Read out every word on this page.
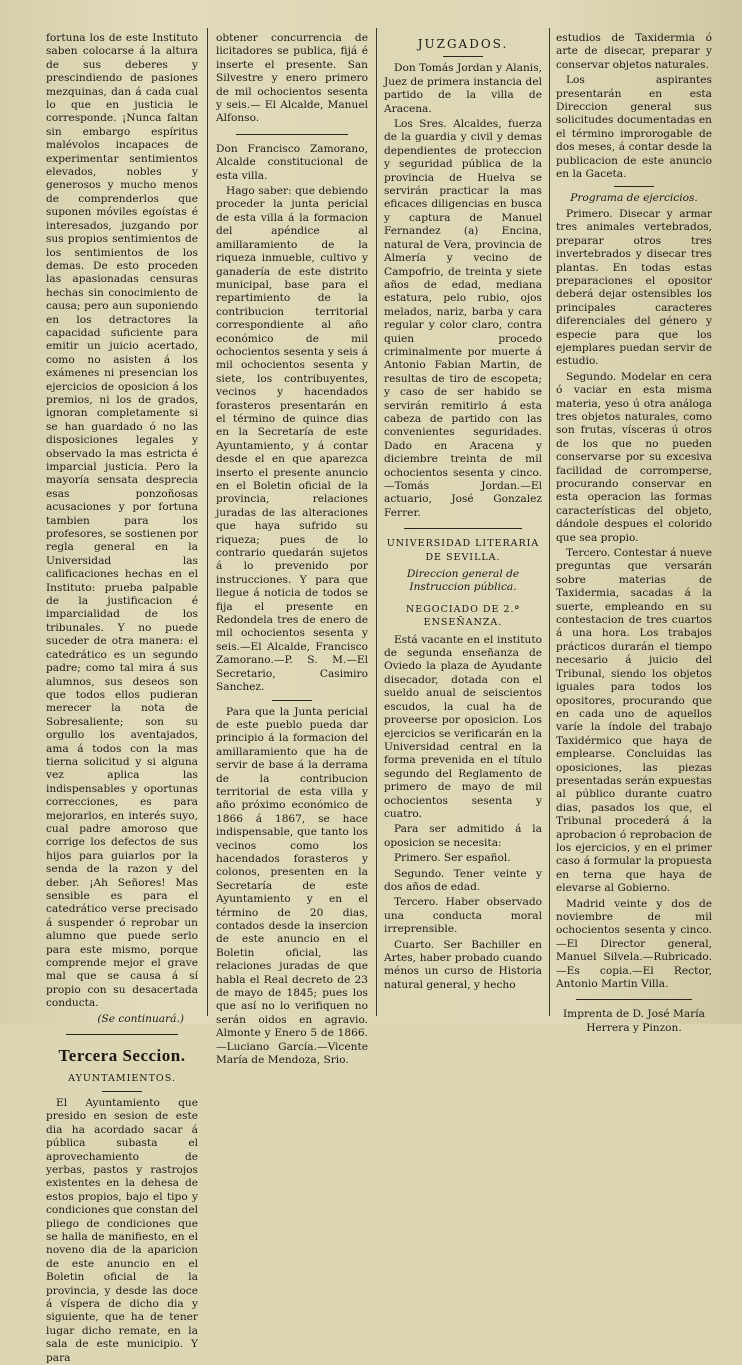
fortuna los de este Instituto saben colocarse á la altura de sus deberes y prescindiendo de pasiones mezquinas, dan á cada cual lo que en justicia le corresponde. ¡Nunca faltan sin embargo espíritus malévolos incapaces de experimentar sentimientos elevados, nobles y generosos y mucho menos de comprenderlos que suponen móviles egoístas é interesados, juzgando por sus propios sentimientos de los sentimientos de los demas. De esto proceden las apasionadas censuras hechas sin conocimiento de causa; pero aun suponiendo en los detractores la capacidad suficiente para emitir un juicio acertado, como no asisten á los exámenes ni presencian los ejercicios de oposicion á los premios, ni los de grados, ignoran completamente si se han guardado ó no las disposiciones legales y observado la mas estricta é imparcial justicia. Pero la mayoría sensata desprecia esas ponzoñosas acusaciones y por fortuna tambien para los profesores, se sostienen por regla general en la Universidad las calificaciones hechas en el Instituto: prueba palpable de la justificacion é imparcialidad de los tribunales. Y no puede suceder de otra manera: el catedrático es un segundo padre; como tal mira á sus alumnos, sus deseos son que todos ellos pudieran merecer la nota de Sobresaliente; son su orgullo los aventajados, ama á todos con la mas tierna solicitud y si alguna vez aplica las indispensables y oportunas correcciones, es para mejorarlos, en interés suyo, cual padre amoroso que corrige los defectos de sus hijos para guiarlos por la senda de la razon y del deber. ¡Ah Señores! Mas sensible es para el catedrático verse precisado á suspender ó reprobar un alumno que puede serlo para este mismo, porque comprende mejor el grave mal que se causa á sí propio con su desacertada conducta.

(Se continuará.)

Tercera Seccion.
AYUNTAMIENTOS.

El Ayuntamiento que presido en sesion de este dia ha acordado sacar á pública subasta el aprovechamiento de yerbas, pastos y rastrojos existentes en la dehesa de estos propios, bajo el tipo y condiciones que constan del pliego de condiciones que se halla de manifiesto, en el noveno dia de la aparicion de este anuncio en el Boletin oficial de la provincia, y desde las doce á víspera de dicho dia y siguiente, que ha de tener lugar dicho remate, en la sala de este municipio. Y para

obtener concurrencia de licitadores se publica, fijá é inserte el presente. San Silvestre y enero primero de mil ochocientos sesenta y seis.— El Alcalde, Manuel Alfonso.

Don Francisco Zamorano, Alcalde constitucional de esta villa.

Hago saber: que debiendo proceder la junta pericial de esta villa á la formacion del apéndice al amillaramiento de la riqueza inmueble, cultivo y ganadería de este distrito municipal, base para el repartimiento de la contribucion territorial correspondiente al año económico de mil ochocientos sesenta y seis á mil ochocientos sesenta y siete, los contribuyentes, vecinos y hacendados forasteros presentarán en el término de quince dias en la Secretaría de este Ayuntamiento, y á contar desde el en que aparezca inserto el presente anuncio en el Boletin oficial de la provincia, relaciones juradas de las alteraciones que haya sufrido su riqueza; pues de lo contrario quedarán sujetos á lo prevenido por instrucciones. Y para que llegue á noticia de todos se fija el presente en Redondela tres de enero de mil ochocientos sesenta y seis.—El Alcalde, Francisco Zamorano.—P. S. M.—El Secretario, Casimiro Sanchez.

Para que la Junta pericial de este pueblo pueda dar principio á la formacion del amillaramiento que ha de servir de base á la derrama de la contribucion territorial de esta villa y año próximo económico de 1866 á 1867, se hace indispensable, que tanto los vecinos como los hacendados forasteros y colonos, presenten en la Secretaría de este Ayuntamiento y en el término de 20 dias, contados desde la insercion de este anuncio en el Boletin oficial, las relaciones juradas de que habla el Real decreto de 23 de mayo de 1845; pues los que así no lo verifiquen no serán oidos en agravio. Almonte y Enero 5 de 1866.—Luciano García.—Vicente María de Mendoza, Srio.

JUZGADOS.

Don Tomás Jordan y Alanis, Juez de primera instancia del partido de la villa de Aracena.

Los Sres. Alcaldes, fuerza de la guardia y civil y demas dependientes de proteccion y seguridad pública de la provincia de Huelva se servirán practicar la mas eficaces diligencias en busca y captura de Manuel Fernandez (a) Encina, natural de Vera, provincia de Almería y vecino de Campofrio, de treinta y siete años de edad, mediana estatura, pelo rubio, ojos melados, nariz, barba y cara regular y color claro, contra quien procedo criminalmente por muerte á Antonio Fabian Martin, de resultas de tiro de escopeta; y caso de ser habido se servirán remitirlo á esta cabeza de partido con las convenientes seguridades. Dado en Aracena y diciembre treinta de mil ochocientos sesenta y cinco.—Tomás Jordan.—El actuario, José Gonzalez Ferrer.

UNIVERSIDAD LITERARIA DE SEVILLA.

Direccion general de Instruccion pública.

NEGOCIADO DE 2.ª ENSEÑANZA.

Está vacante en el instituto de segunda enseñanza de Oviedo la plaza de Ayudante disecador, dotada con el sueldo anual de seiscientos escudos, la cual ha de proveerse por oposicion. Los ejercicios se verificarán en la Universidad central en la forma prevenida en el título segundo del Reglamento de primero de mayo de mil ochocientos sesenta y cuatro.

Para ser admitido á la oposicion se necesita:

Primero. Ser español.

Segundo. Tener veinte y dos años de edad.

Tercero. Haber observado una conducta moral irreprensible.

Cuarto. Ser Bachiller en Artes, haber probado cuando ménos un curso de Historia natural general, y hecho

estudios de Taxidermia ó arte de disecar, preparar y conservar objetos naturales.

Los aspirantes presentarán en esta Direccion general sus solicitudes documentadas en el término improrogable de dos meses, á contar desde la publicacion de este anuncio en la Gaceta.

Programa de ejercicios.

Primero. Disecar y armar tres animales vertebrados, preparar otros tres invertebrados y disecar tres plantas. En todas estas preparaciones el opositor deberá dejar ostensibles los principales caracteres diferenciales del género y especie para que los ejemplares puedan servir de estudio.

Segundo. Modelar en cera ó vaciar en esta misma materia, yeso ú otra análoga tres objetos naturales, como son frutas, vísceras ú otros de los que no pueden conservarse por su excesiva facilidad de corromperse, procurando conservar en esta operacion las formas características del objeto, dándole despues el colorido que sea propio.

Tercero. Contestar á nueve preguntas que versarán sobre materias de Taxidermia, sacadas á la suerte, empleando en su contestacion de tres cuartos á una hora. Los trabajos prácticos durarán el tiempo necesario á juicio del Tribunal, siendo los objetos iguales para todos los opositores, procurando que en cada uno de aquellos varíe la índole del trabajo Taxidérmico que haya de emplearse. Concluidas las oposiciones, las piezas presentadas serán expuestas al público durante cuatro dias, pasados los que, el Tribunal procederá á la aprobacion ó reprobacion de los ejercicios, y en el primer caso á formular la propuesta en terna que haya de elevarse al Gobierno.

Madrid veinte y dos de noviembre de mil ochocientos sesenta y cinco.—El Director general, Manuel Silvela.—Rubricado.—Es copia.—El Rector, Antonio Martin Villa.

Imprenta de D. José María Herrera y Pinzon.
